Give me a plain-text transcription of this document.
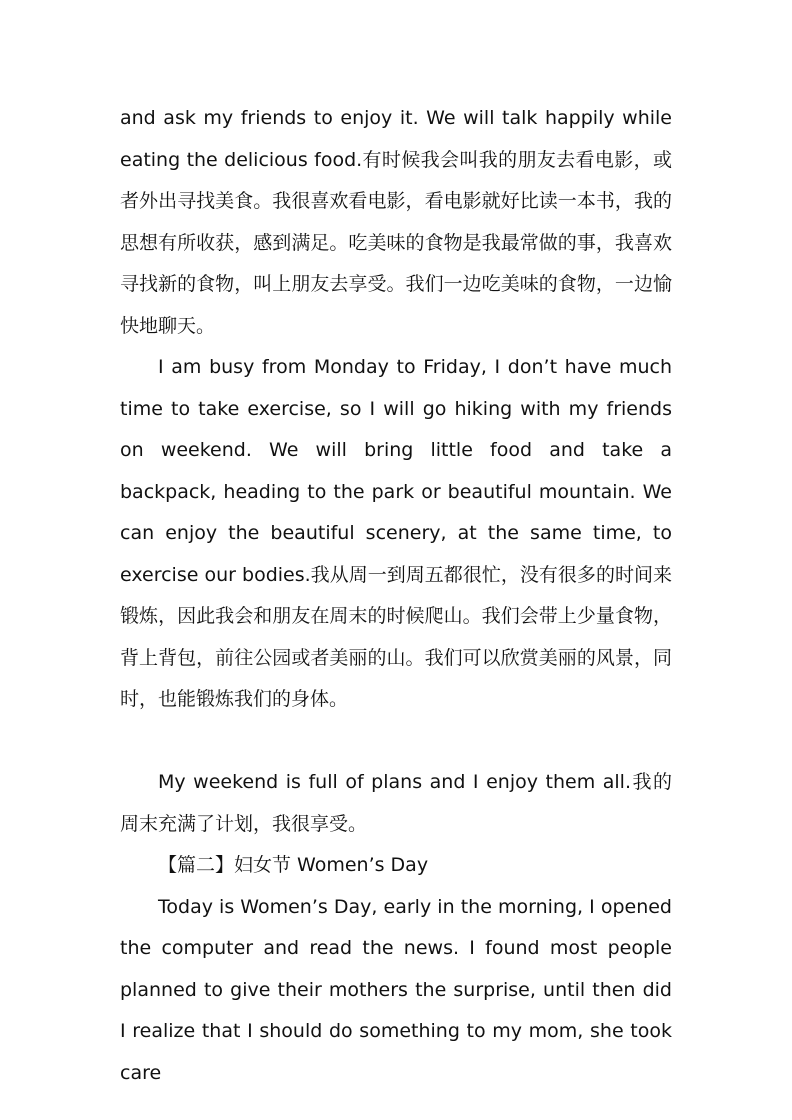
and ask my friends to enjoy it. We will talk happily while eating the delicious food.有时候我会叫我的朋友去看电影，或者外出寻找美食。我很喜欢看电影，看电影就好比读一本书，我的思想有所收获，感到满足。吃美味的食物是我最常做的事，我喜欢寻找新的食物，叫上朋友去享受。我们一边吃美味的食物，一边愉快地聊天。

I am busy from Monday to Friday, I don’t have much time to take exercise, so I will go hiking with my friends on weekend. We will bring little food and take a backpack, heading to the park or beautiful mountain. We can enjoy the beautiful scenery, at the same time, to exercise our bodies.我从周一到周五都很忙，没有很多的时间来锻炼，因此我会和朋友在周末的时候爬山。我们会带上少量食物，背上背包，前往公园或者美丽的山。我们可以欣赏美丽的风景，同时，也能锻炼我们的身体。

My weekend is full of plans and I enjoy them all.我的周末充满了计划，我很享受。

【篇二】妇女节 Women’s Day

Today is Women’s Day, early in the morning, I opened the computer and read the news. I found most people planned to give their mothers the surprise, until then did I realize that I should do something to my mom, she took care
